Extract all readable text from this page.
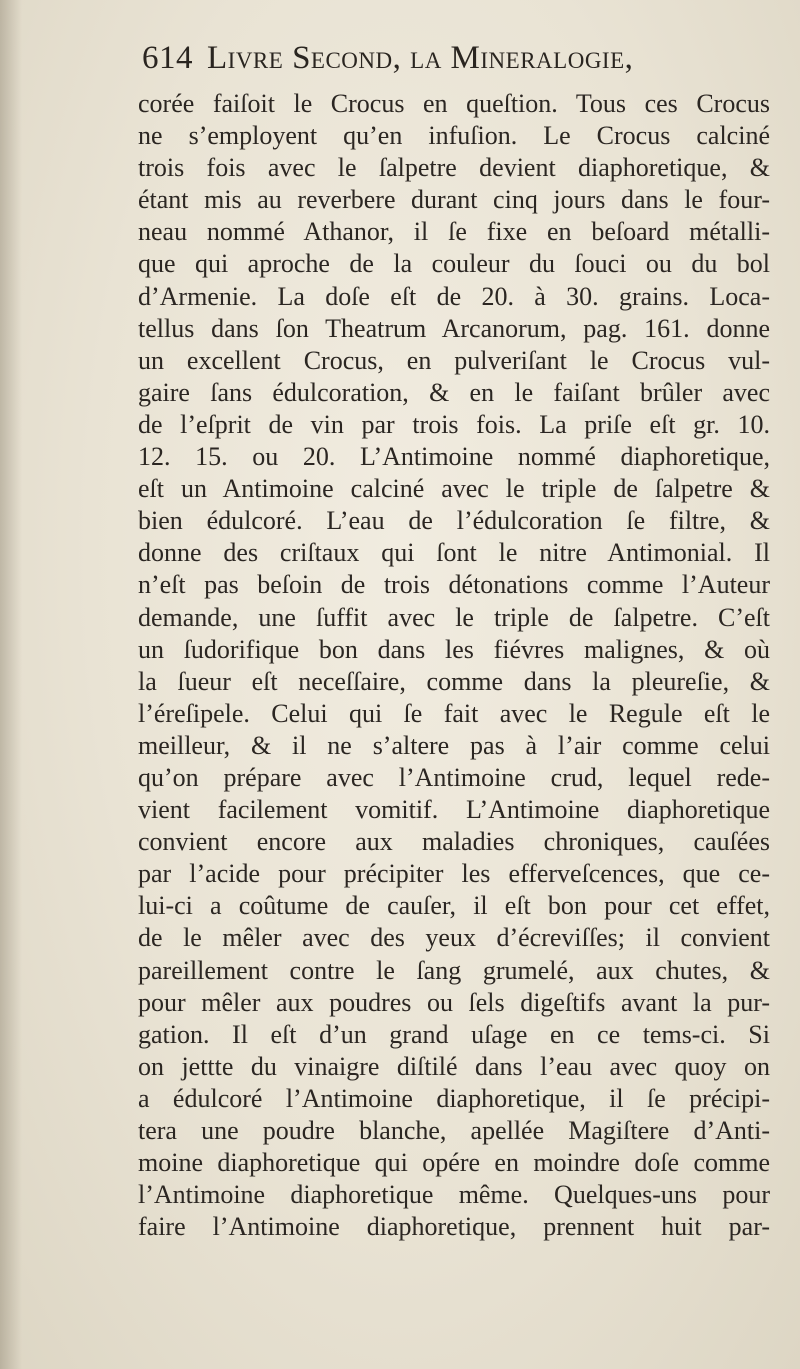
614 Livre Second, la Mineralogie,
corée faiſoit le Crocus en queſtion. Tous ces Crocus
ne s’employent qu’en infuſion. Le Crocus calciné
trois fois avec le ſalpetre devient diaphoretique, &
étant mis au reverbere durant cinq jours dans le four-
neau nommé Athanor, il ſe fixe en beſoard métalli-
que qui aproche de la couleur du ſouci ou du bol
d’Armenie. La doſe eſt de 20. à 30. grains. Loca-
tellus dans ſon Theatrum Arcanorum, pag. 161. donne
un excellent Crocus, en pulveriſant le Crocus vul-
gaire ſans édulcoration, & en le faiſant brûler avec
de l’eſprit de vin par trois fois. La priſe eſt gr. 10.
12. 15. ou 20. L’Antimoine nommé diaphoretique,
eſt un Antimoine calciné avec le triple de ſalpetre &
bien édulcoré. L’eau de l’édulcoration ſe filtre, &
donne des criſtaux qui ſont le nitre Antimonial. Il
n’eſt pas beſoin de trois détonations comme l’Auteur
demande, une ſuffit avec le triple de ſalpetre. C’eſt
un ſudorifique bon dans les fiévres malignes, & où
la ſueur eſt neceſſaire, comme dans la pleureſie, &
l’éreſipele. Celui qui ſe fait avec le Regule eſt le
meilleur, & il ne s’altere pas à l’air comme celui
qu’on prépare avec l’Antimoine crud, lequel rede-
vient facilement vomitif. L’Antimoine diaphoretique
convient encore aux maladies chroniques, cauſées
par l’acide pour précipiter les efferveſcences, que ce-
lui-ci a coûtume de cauſer, il eſt bon pour cet effet,
de le mêler avec des yeux d’écreviſſes; il convient
pareillement contre le ſang grumelé, aux chutes, &
pour mêler aux poudres ou ſels digeſtifs avant la pur-
gation. Il eſt d’un grand uſage en ce tems-ci. Si
on jettte du vinaigre diſtilé dans l’eau avec quoy on
a édulcoré l’Antimoine diaphoretique, il ſe précipi-
tera une poudre blanche, apellée Magiſtere d’Anti-
moine diaphoretique qui opére en moindre doſe comme
l’Antimoine diaphoretique même. Quelques-uns pour
faire l’Antimoine diaphoretique, prennent huit par-
